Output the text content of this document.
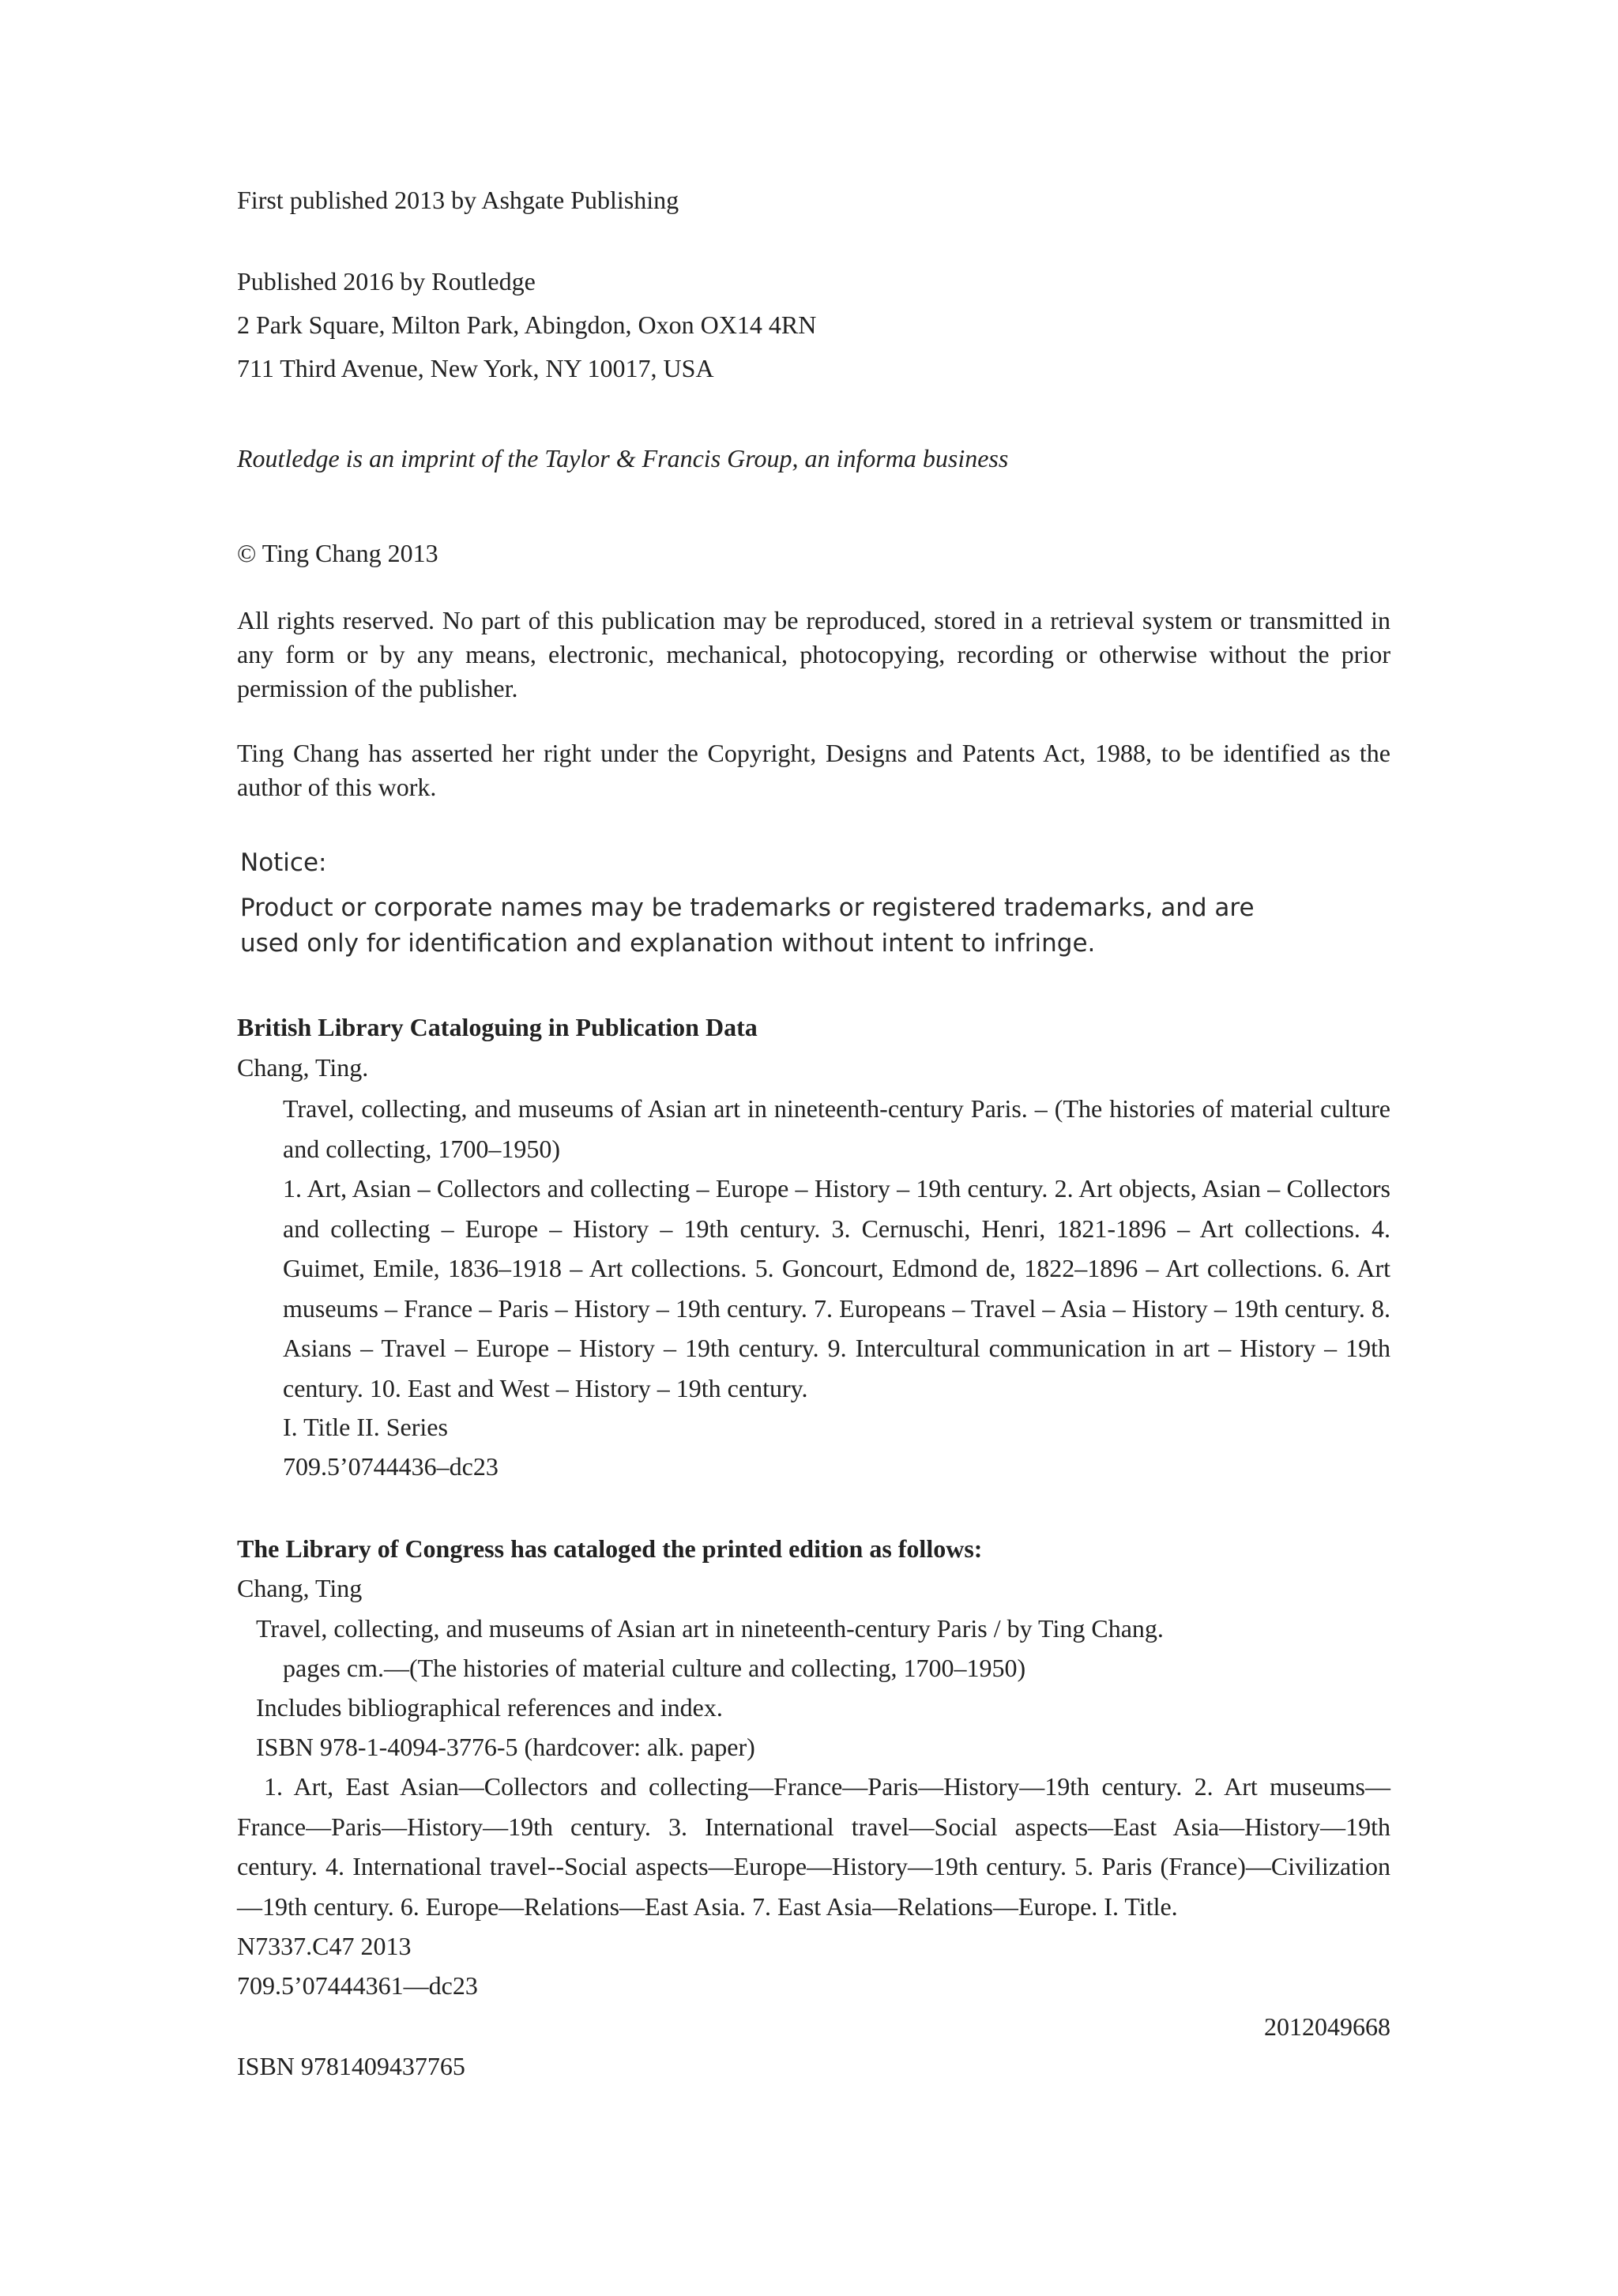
First published 2013 by Ashgate Publishing
Published 2016 by Routledge
2 Park Square, Milton Park, Abingdon, Oxon OX14 4RN
711 Third Avenue, New York, NY 10017, USA
Routledge is an imprint of the Taylor & Francis Group, an informa business
© Ting Chang 2013
All rights reserved. No part of this publication may be reproduced, stored in a retrieval system or transmitted in any form or by any means, electronic, mechanical, photocopying, recording or otherwise without the prior permission of the publisher.
Ting Chang has asserted her right under the Copyright, Designs and Patents Act, 1988, to be identified as the author of this work.
Notice:
Product or corporate names may be trademarks or registered trademarks, and are
used only for identification and explanation without intent to infringe.
British Library Cataloguing in Publication Data
Chang, Ting.
Travel, collecting, and museums of Asian art in nineteenth-century Paris. – (The histories of material culture and collecting, 1700–1950)
1. Art, Asian – Collectors and collecting – Europe – History – 19th century. 2. Art objects, Asian – Collectors and collecting – Europe – History – 19th century. 3. Cernuschi, Henri, 1821-1896 – Art collections. 4. Guimet, Emile, 1836–1918 – Art collections. 5. Goncourt, Edmond de, 1822–1896 – Art collections. 6. Art museums – France – Paris – History – 19th century. 7. Europeans – Travel – Asia – History – 19th century. 8. Asians – Travel – Europe – History – 19th century. 9. Intercultural communication in art – History – 19th century. 10. East and West – History – 19th century.
I. Title II. Series
709.5’0744436–dc23
The Library of Congress has cataloged the printed edition as follows:
Chang, Ting
Travel, collecting, and museums of Asian art in nineteenth-century Paris / by Ting Chang.
pages cm.—(The histories of material culture and collecting, 1700–1950)
Includes bibliographical references and index.
ISBN 978-1-4094-3776-5 (hardcover: alk. paper)
1. Art, East Asian—Collectors and collecting—France—Paris—History—19th century. 2. Art museums—France—Paris—History—19th century. 3. International travel—Social aspects—East Asia—History—19th century. 4. International travel--Social aspects—Europe—History—19th century. 5. Paris (France)—Civilization—19th century. 6. Europe—Relations—East Asia. 7. East Asia—Relations—Europe. I. Title.
N7337.C47 2013
709.5’07444361—dc23
2012049668
ISBN 9781409437765
